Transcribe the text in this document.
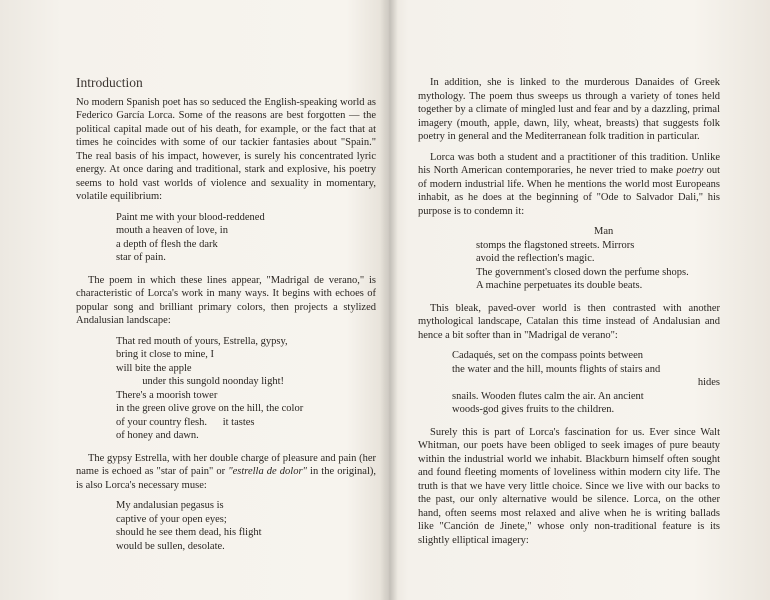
Introduction

No modern Spanish poet has so seduced the English-speaking world as Federico García Lorca. Some of the reasons are best forgotten — the political capital made out of his death, for example, or the fact that at times he coincides with some of our tackier fantasies about "Spain." The real basis of his impact, however, is surely his concentrated lyric energy. At once daring and traditional, stark and explosive, his poetry seems to hold vast worlds of violence and sexuality in momentary, volatile equilibrium:

Paint me with your blood-reddened
mouth a heaven of love, in
a depth of flesh the dark
star of pain.

The poem in which these lines appear, "Madrigal de verano," is characteristic of Lorca's work in many ways. It begins with echoes of popular song and brilliant primary colors, then projects a stylized Andalusian landscape:

That red mouth of yours, Estrella, gypsy,
bring it close to mine, I
will bite the apple
under this sungold noonday light!
There's a moorish tower
in the green olive grove on the hill, the color
of your country flesh.      it tastes
of honey and dawn.

The gypsy Estrella, with her double charge of pleasure and pain (her name is echoed as "star of pain" or "estrella de dolor" in the original), is also Lorca's necessary muse:

My andalusian pegasus is
captive of your open eyes;
should he see them dead, his flight
would be sullen, desolate.

In addition, she is linked to the murderous Danaides of Greek mythology. The poem thus sweeps us through a variety of tones held together by a climate of mingled lust and fear and by a dazzling, primal imagery (mouth, apple, dawn, lily, wheat, breasts) that suggests folk poetry in general and the Mediterranean folk tradition in particular.

Lorca was both a student and a practitioner of this tradition. Unlike his North American contemporaries, he never tried to make poetry out of modern industrial life. When he mentions the world most Europeans inhabit, as he does at the beginning of "Ode to Salvador Dali," his purpose is to condemn it:

Man
stomps the flagstoned streets. Mirrors
avoid the reflection's magic.
The government's closed down the perfume shops.
A machine perpetuates its double beats.

This bleak, paved-over world is then contrasted with another mythological landscape, Catalan this time instead of Andalusian and hence a bit softer than in "Madrigal de verano":

Cadaqués, set on the compass points between
the water and the hill, mounts flights of stairs and
hides
snails. Wooden flutes calm the air. An ancient
woods-god gives fruits to the children.

Surely this is part of Lorca's fascination for us. Ever since Walt Whitman, our poets have been obliged to seek images of pure beauty within the industrial world we inhabit. Blackburn himself often sought and found fleeting moments of loveliness within modern city life. The truth is that we have very little choice. Since we live with our backs to the past, our only alternative would be silence. Lorca, on the other hand, often seems most relaxed and alive when he is writing ballads like "Canción de Jinete," whose only non-traditional feature is its slightly elliptical imagery:
